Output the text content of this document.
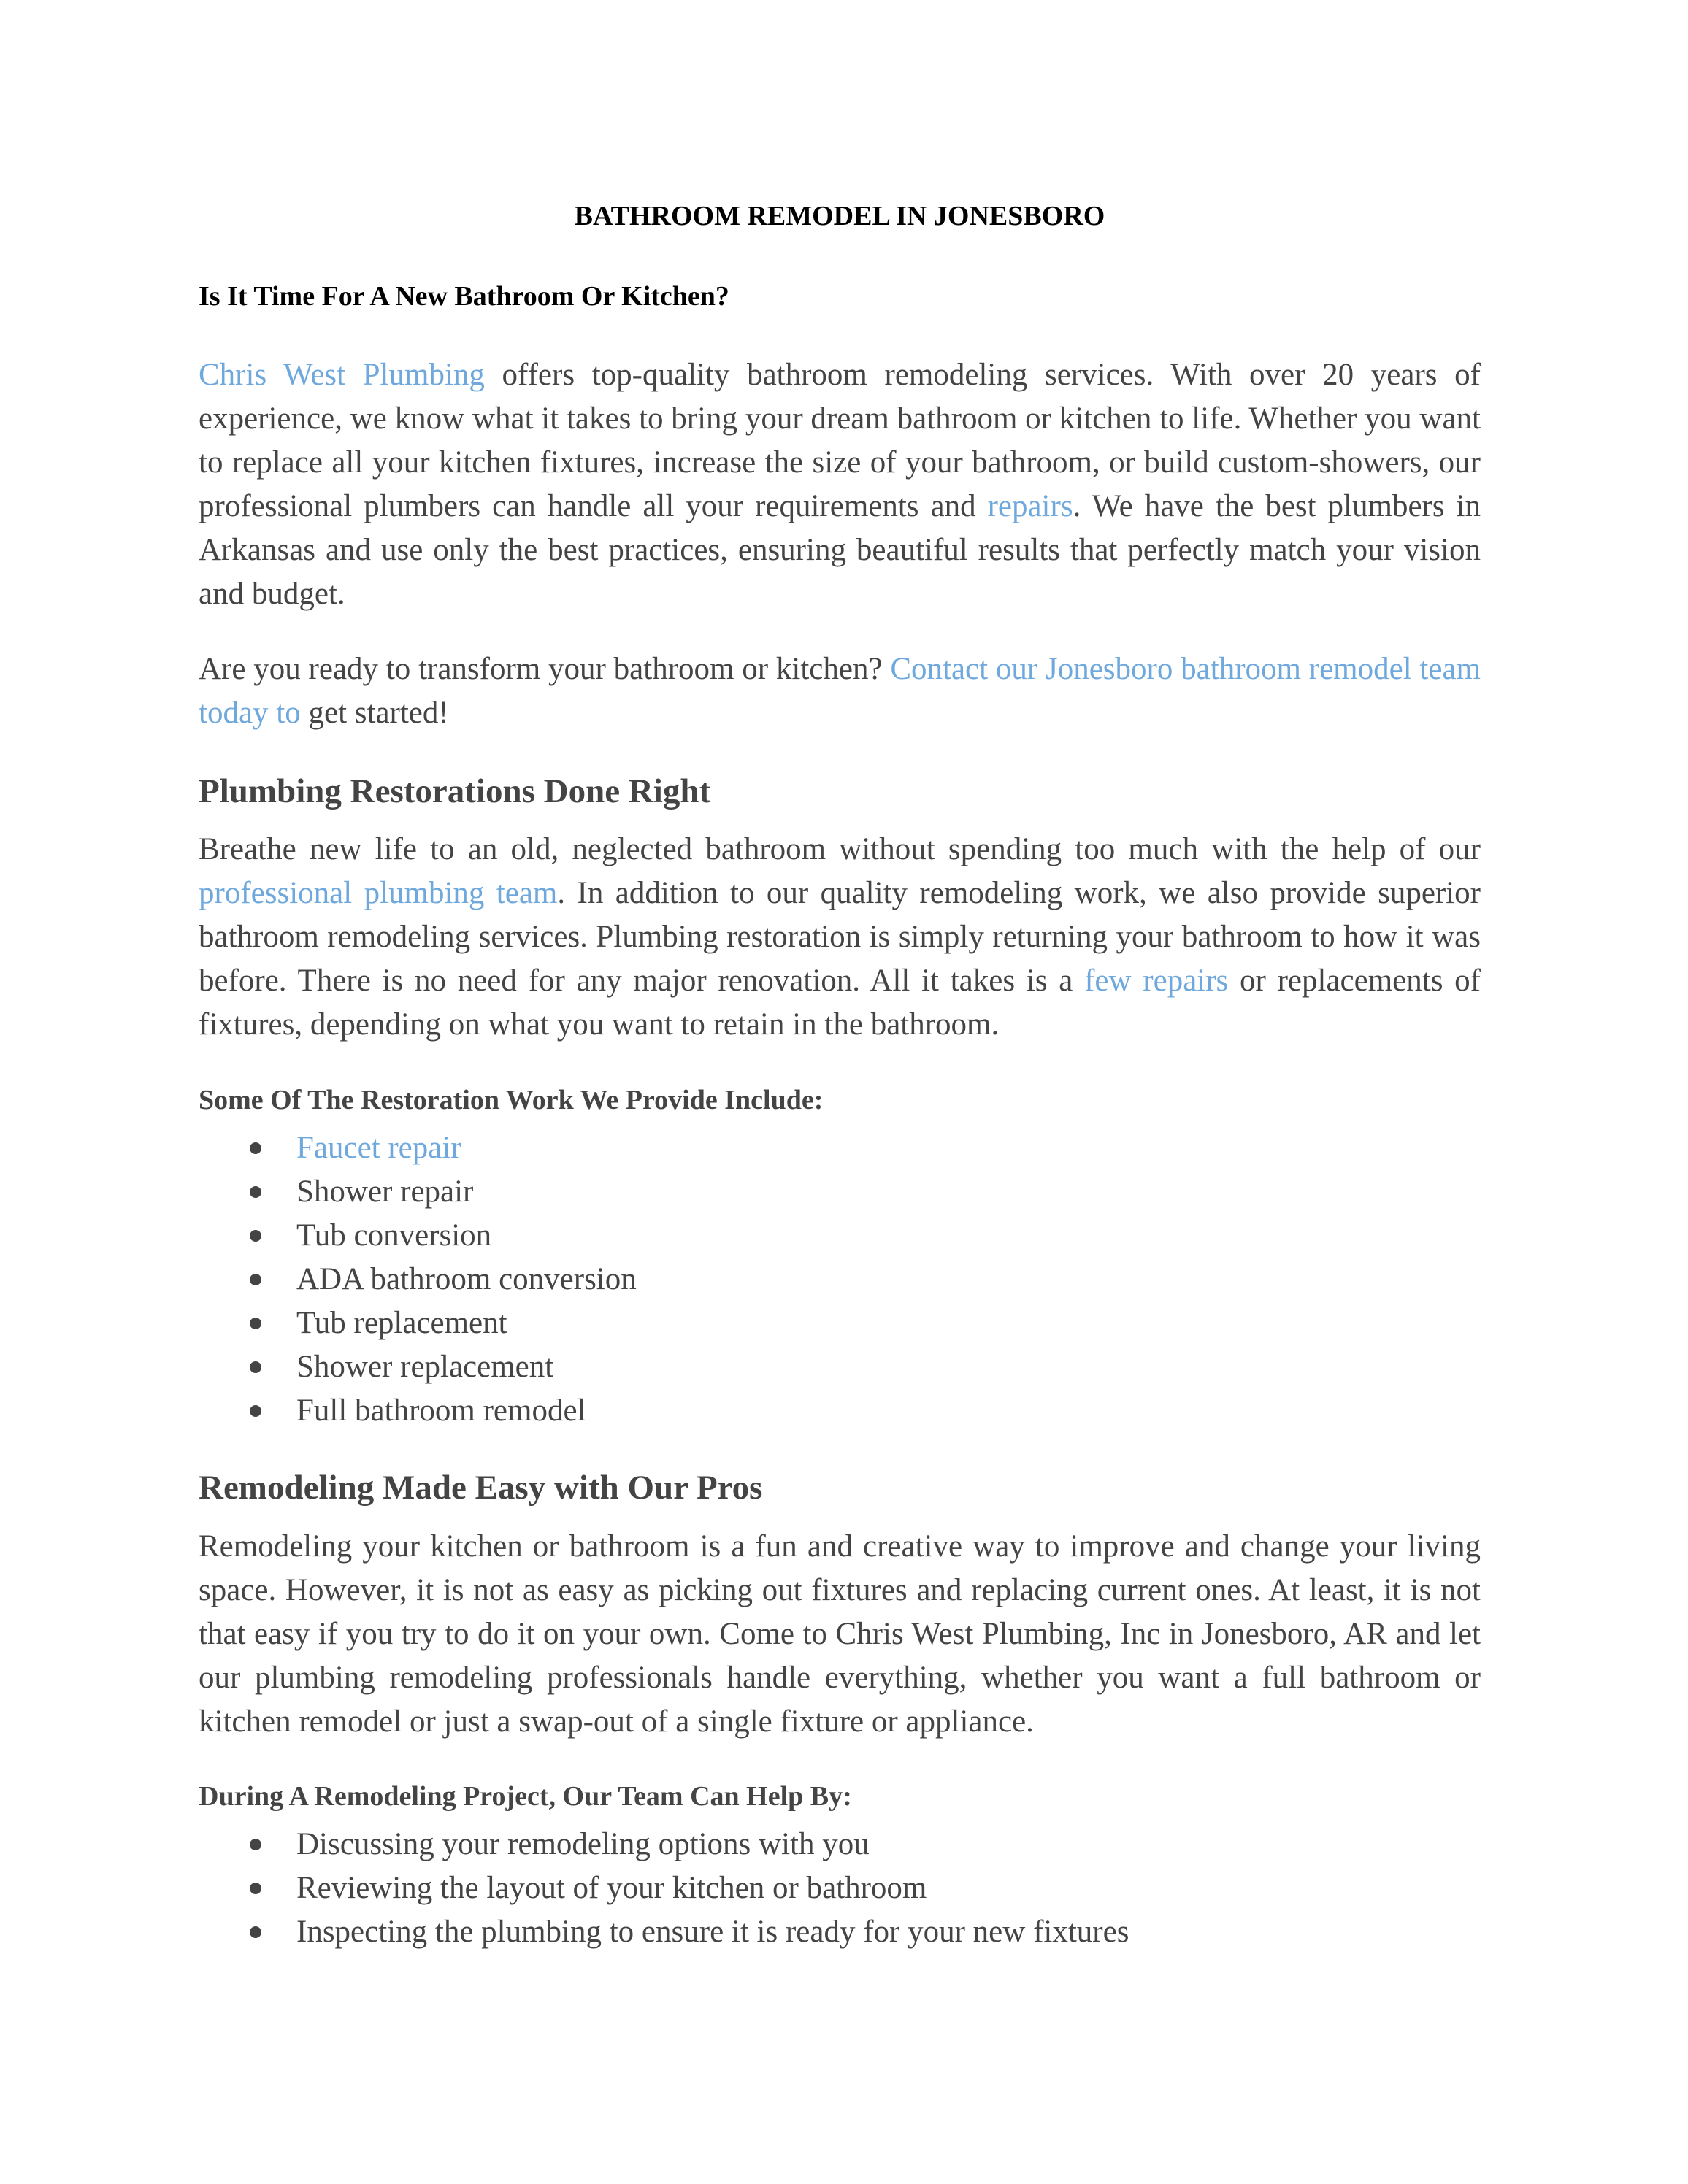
BATHROOM REMODEL IN JONESBORO

Is It Time For A New Bathroom Or Kitchen?

Chris West Plumbing offers top-quality bathroom remodeling services. With over 20 years of experience, we know what it takes to bring your dream bathroom or kitchen to life. Whether you want to replace all your kitchen fixtures, increase the size of your bathroom, or build custom-showers, our professional plumbers can handle all your requirements and repairs. We have the best plumbers in Arkansas and use only the best practices, ensuring beautiful results that perfectly match your vision and budget.

Are you ready to transform your bathroom or kitchen? Contact our Jonesboro bathroom remodel team today to get started!

Plumbing Restorations Done Right

Breathe new life to an old, neglected bathroom without spending too much with the help of our professional plumbing team. In addition to our quality remodeling work, we also provide superior bathroom remodeling services. Plumbing restoration is simply returning your bathroom to how it was before. There is no need for any major renovation. All it takes is a few repairs or replacements of fixtures, depending on what you want to retain in the bathroom.

Some Of The Restoration Work We Provide Include:
Faucet repair
Shower repair
Tub conversion
ADA bathroom conversion
Tub replacement
Shower replacement
Full bathroom remodel
Remodeling Made Easy with Our Pros

Remodeling your kitchen or bathroom is a fun and creative way to improve and change your living space. However, it is not as easy as picking out fixtures and replacing current ones. At least, it is not that easy if you try to do it on your own. Come to Chris West Plumbing, Inc in Jonesboro, AR and let our plumbing remodeling professionals handle everything, whether you want a full bathroom or kitchen remodel or just a swap-out of a single fixture or appliance.

During A Remodeling Project, Our Team Can Help By:
Discussing your remodeling options with you
Reviewing the layout of your kitchen or bathroom
Inspecting the plumbing to ensure it is ready for your new fixtures
